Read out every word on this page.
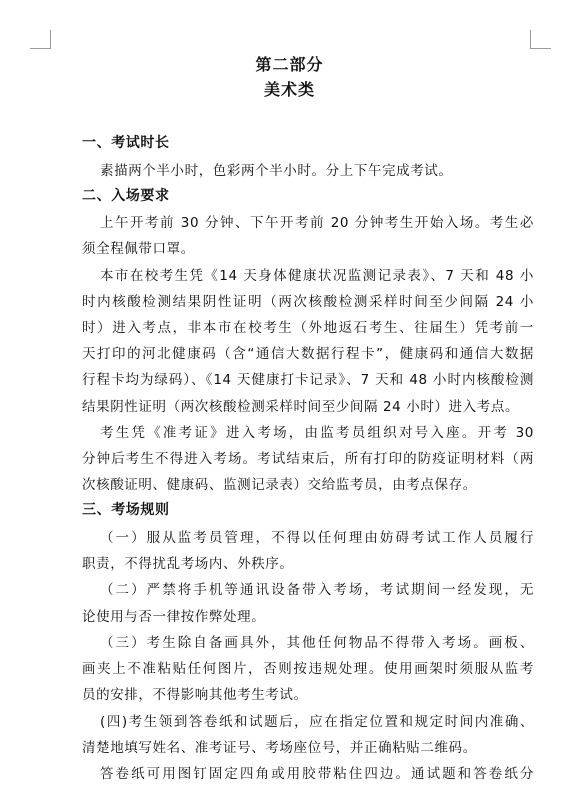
第二部分
美术类
一、考试时长
素描两个半小时，色彩两个半小时。分上下午完成考试。
二、入场要求
上午开考前 30 分钟、下午开考前 20 分钟考生开始入场。考生必
须全程佩带口罩。
本市在校考生凭《14 天身体健康状况监测记录表》、7 天和 48 小
时内核酸检测结果阴性证明（两次核酸检测采样时间至少间隔 24 小
时）进入考点，非本市在校考生（外地返石考生、往届生）凭考前一
天打印的河北健康码（含“通信大数据行程卡”，健康码和通信大数据
行程卡均为绿码）、《14 天健康打卡记录》、7 天和 48 小时内核酸检测
结果阴性证明（两次核酸检测采样时间至少间隔 24 小时）进入考点。
考生凭《准考证》进入考场，由监考员组织对号入座。开考 30
分钟后考生不得进入考场。考试结束后，所有打印的防疫证明材料（两
次核酸证明、健康码、监测记录表）交给监考员，由考点保存。
三、考场规则
（一）服从监考员管理，不得以任何理由妨碍考试工作人员履行
职责，不得扰乱考场内、外秩序。
（二）严禁将手机等通讯设备带入考场，考试期间一经发现，无
论使用与否一律按作弊处理。
（三）考生除自备画具外，其他任何物品不得带入考场。画板、
画夹上不准粘贴任何图片，否则按违规处理。使用画架时须服从监考
员的安排，不得影响其他考生考试。
(四)考生领到答卷纸和试题后，应在指定位置和规定时间内准确、
清楚地填写姓名、准考证号、考场座位号，并正确粘贴二维码。
答卷纸可用图钉固定四角或用胶带粘住四边。通试题和答卷纸分
